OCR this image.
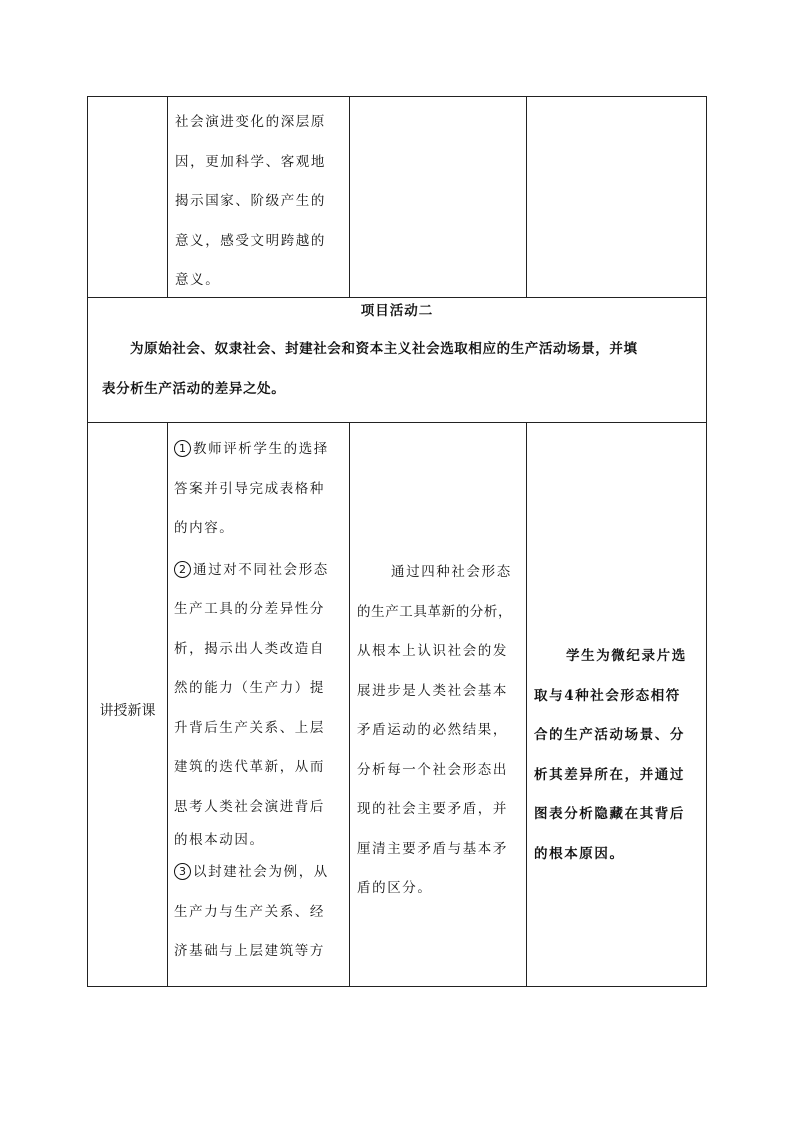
社会演进变化的深层原

因，更加科学、客观地

揭示国家、阶级产生的

意义，感受文明跨越的

意义。

项目活动二
为原始社会、奴隶社会、封建社会和资本主义社会选取相应的生产活动场景，并填
表分析生产活动的差异之处。
讲授新课

1 教师评析学生的选择

答案并引导完成表格种

的内容。

2 通过对不同社会形态

生产工具的分差异性分

析，揭示出人类改造自

然的能力（生产力）提

升背后生产关系、上层

建筑的迭代革新，从而

思考人类社会演进背后

的根本动因。

3 以封建社会为例，从

生产力与生产关系、经

济基础与上层建筑等方

通过四种社会形态

的生产工具革新的分析，

从根本上认识社会的发

展进步是人类社会基本

矛盾运动的必然结果，

分析每一个社会形态出

现的社会主要矛盾，并

厘清主要矛盾与基本矛

盾的区分。

学生为微纪录片选

取与4种社会形态相符

合的生产活动场景、分

析其差异所在，并通过

图表分析隐藏在其背后

的根本原因。
